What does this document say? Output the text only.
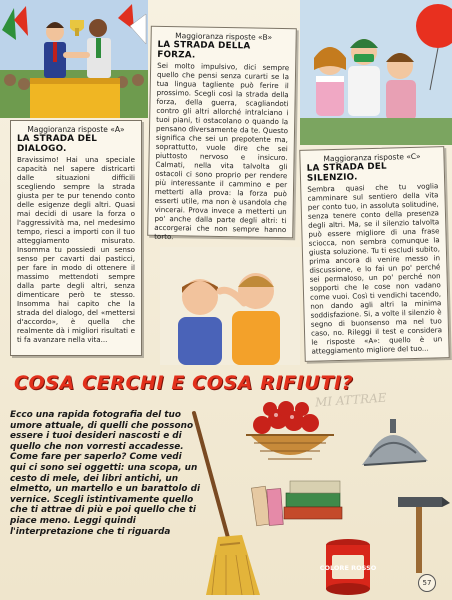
Maggioranza risposte «A»
LA STRADA DEL DIALOGO.
Bravissimo! Hai una speciale capacità nel sapere districarti dalle situazioni difficili scegliendo sempre la strada giusta per te pur tenendo conto delle esigenze degli altri. Quasi mai decidi di usare la forza o l'aggressività ma, nel medesimo tempo, riesci a importi con il tuo atteggiamento misurato. Insomma tu possiedi un senso senso per cavarti dai pasticci, per fare in modo di ottenere il massimo mettendoti sempre dalla parte degli altri, senza dimenticare però te stesso. Insomma hai capito che la strada del dialogo, del «mettersi d'accordo», è quella che realmente dà i migliori risultati e ti fa avanzare nella vita...
Maggioranza risposte «B»
LA STRADA DELLA FORZA.
Sei molto impulsivo, dici sempre quello che pensi senza curarti se la tua lingua tagliente può ferire il prossimo. Scegli così la strada della forza, della guerra, scagliandoti contro gli altri allorché intralciano i tuoi piani, ti ostacolano o quando la pensano diversamente da te. Questo significa che sei un prepotente ma, soprattutto, vuole dire che sei piuttosto nervoso e insicuro. Calmati, nella vita talvolta gli ostacoli ci sono proprio per rendere più interessante il cammino e per metterti alla prova: la forza può esserti utile, ma non è usandola che vincerai. Prova invece a metterti un po' anche dalla parte degli altri: ti accorgerai che non sempre hanno torto.
Maggioranza risposte «C»
LA STRADA DEL SILENZIO.
Sembra quasi che tu voglia camminare sul sentiero della vita per conto tuo, in assoluta solitudine, senza tenere conto della presenza degli altri. Ma, se il silenzio talvolta può essere migliore di una frase sciocca, non sembra comunque la giusta soluzione. Tu ti escludi subito, prima ancora di venire messo in discussione, e lo fai un po' perché sei permaloso, un po' perché non sopporti che le cose non vadano come vuoi. Così ti vendichi tacendo, non dando agli altri la minima soddisfazione. Si, a volte il silenzio è segno di buonsenso ma nel tuo caso, no. Rileggi il test e considera le risposte «A»: quello è un atteggiamento migliore del tuo...
COSA CERCHI E COSA RIFIUTI?
MI ATTRAE
Ecco una rapida fotografia del tuo umore attuale, di quelli che possono essere i tuoi desideri nascosti e di quello che non vorresti accadesse. Come fare per saperlo? Come vedi qui ci sono sei oggetti: una scopa, un cesto di mele, dei libri antichi, un elmetto, un martello e un barattolo di vernice. Scegli istintivamente quello che ti attrae di più e poi quello che ti piace meno. Leggi quindi l'interpretazione che ti riguarda
COLORE ROSSO
57
